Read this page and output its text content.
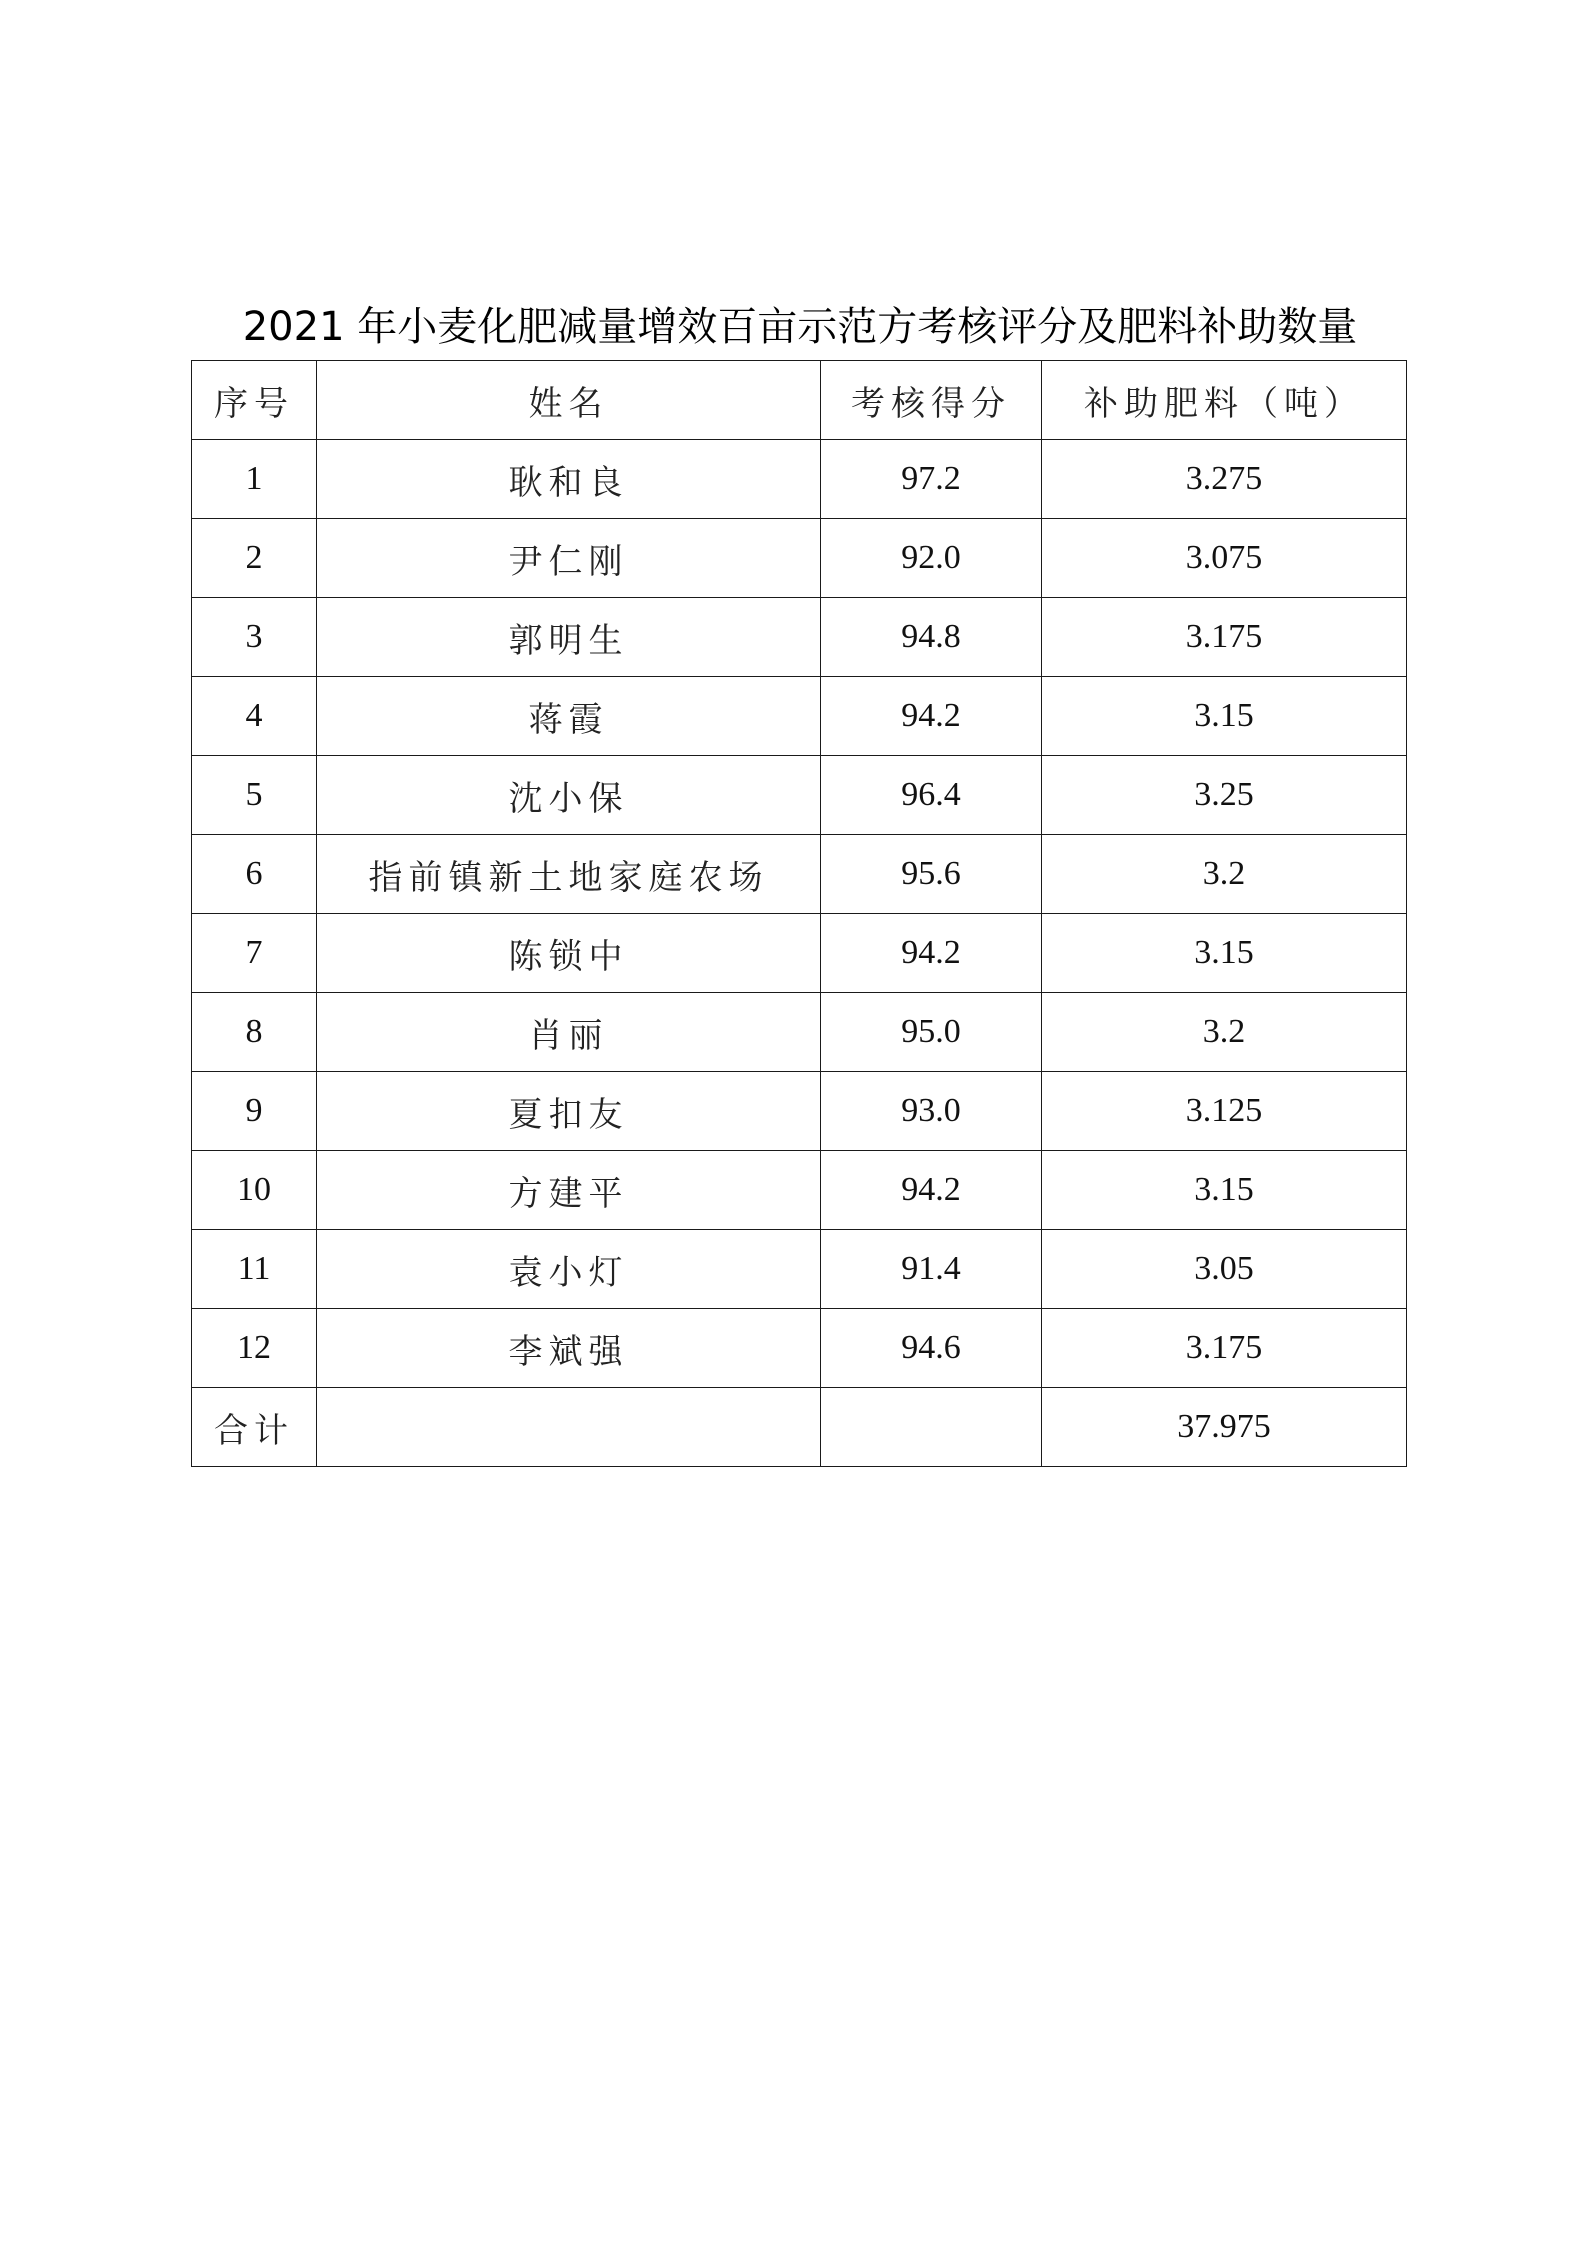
2021 年小麦化肥减量增效百亩示范方考核评分及肥料补助数量
序号	姓名	考核得分	补助肥料（吨）
1	耿和良	97.2	3.275
2	尹仁刚	92.0	3.075
3	郭明生	94.8	3.175
4	蒋霞	94.2	3.15
5	沈小保	96.4	3.25
6	指前镇新土地家庭农场	95.6	3.2
7	陈锁中	94.2	3.15
8	肖丽	95.0	3.2
9	夏扣友	93.0	3.125
10	方建平	94.2	3.15
11	袁小灯	91.4	3.05
12	李斌强	94.6	3.175
合计			37.975
